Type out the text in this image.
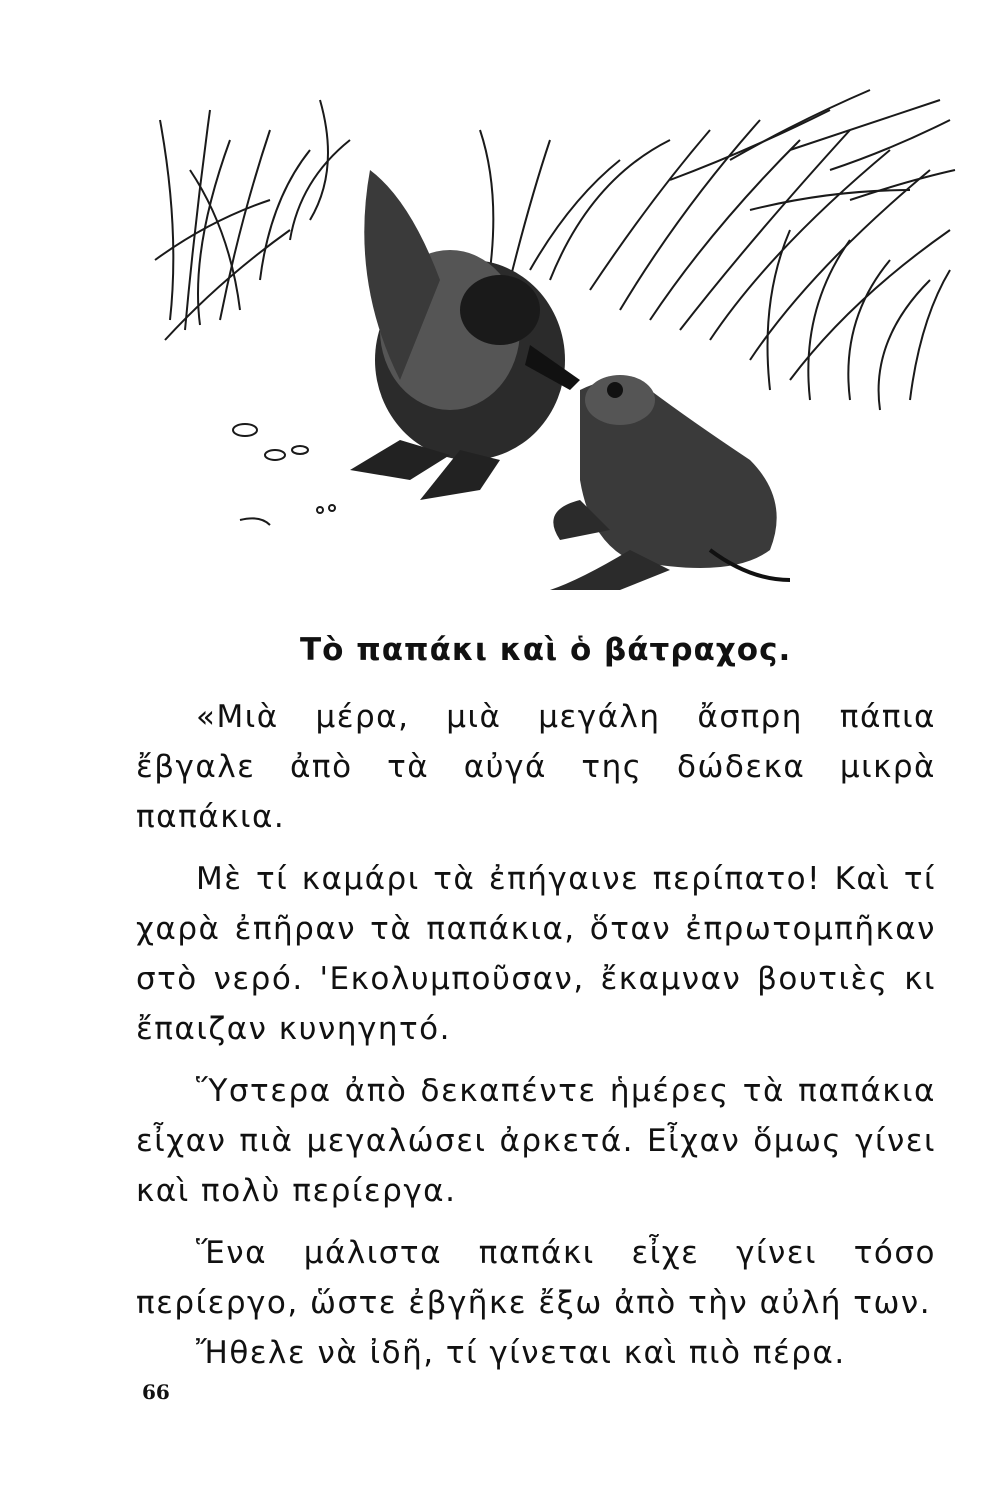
Τὸ παπάκι καὶ ὁ βάτραχος.

«Μιὰ μέρα, μιὰ μεγάλη ἄσπρη πάπια ἔβγαλε ἀπὸ τὰ αὐγά της δώδεκα μικρὰ παπάκια.

Μὲ τί καμάρι τὰ ἐπήγαινε περίπατο! Καὶ τί χαρὰ ἐπῆραν τὰ παπάκια, ὅταν ἐπρωτομπῆκαν στὸ νερό. 'Εκολυμποῦσαν, ἔκαμναν βουτιὲς κι ἔπαιζαν κυνηγητό.

Ὕστερα ἀπὸ δεκαπέντε ἡμέρες τὰ παπάκια εἶχαν πιὰ μεγαλώσει ἀρκετά. Εἶχαν ὅμως γίνει καὶ πολὺ περίεργα.

Ἕνα μάλιστα παπάκι εἶχε γίνει τόσο περίεργο, ὥστε ἐβγῆκε ἔξω ἀπὸ τὴν αὐλή των.

Ἤθελε νὰ ἰδῆ, τί γίνεται καὶ πιὸ πέρα.

66
